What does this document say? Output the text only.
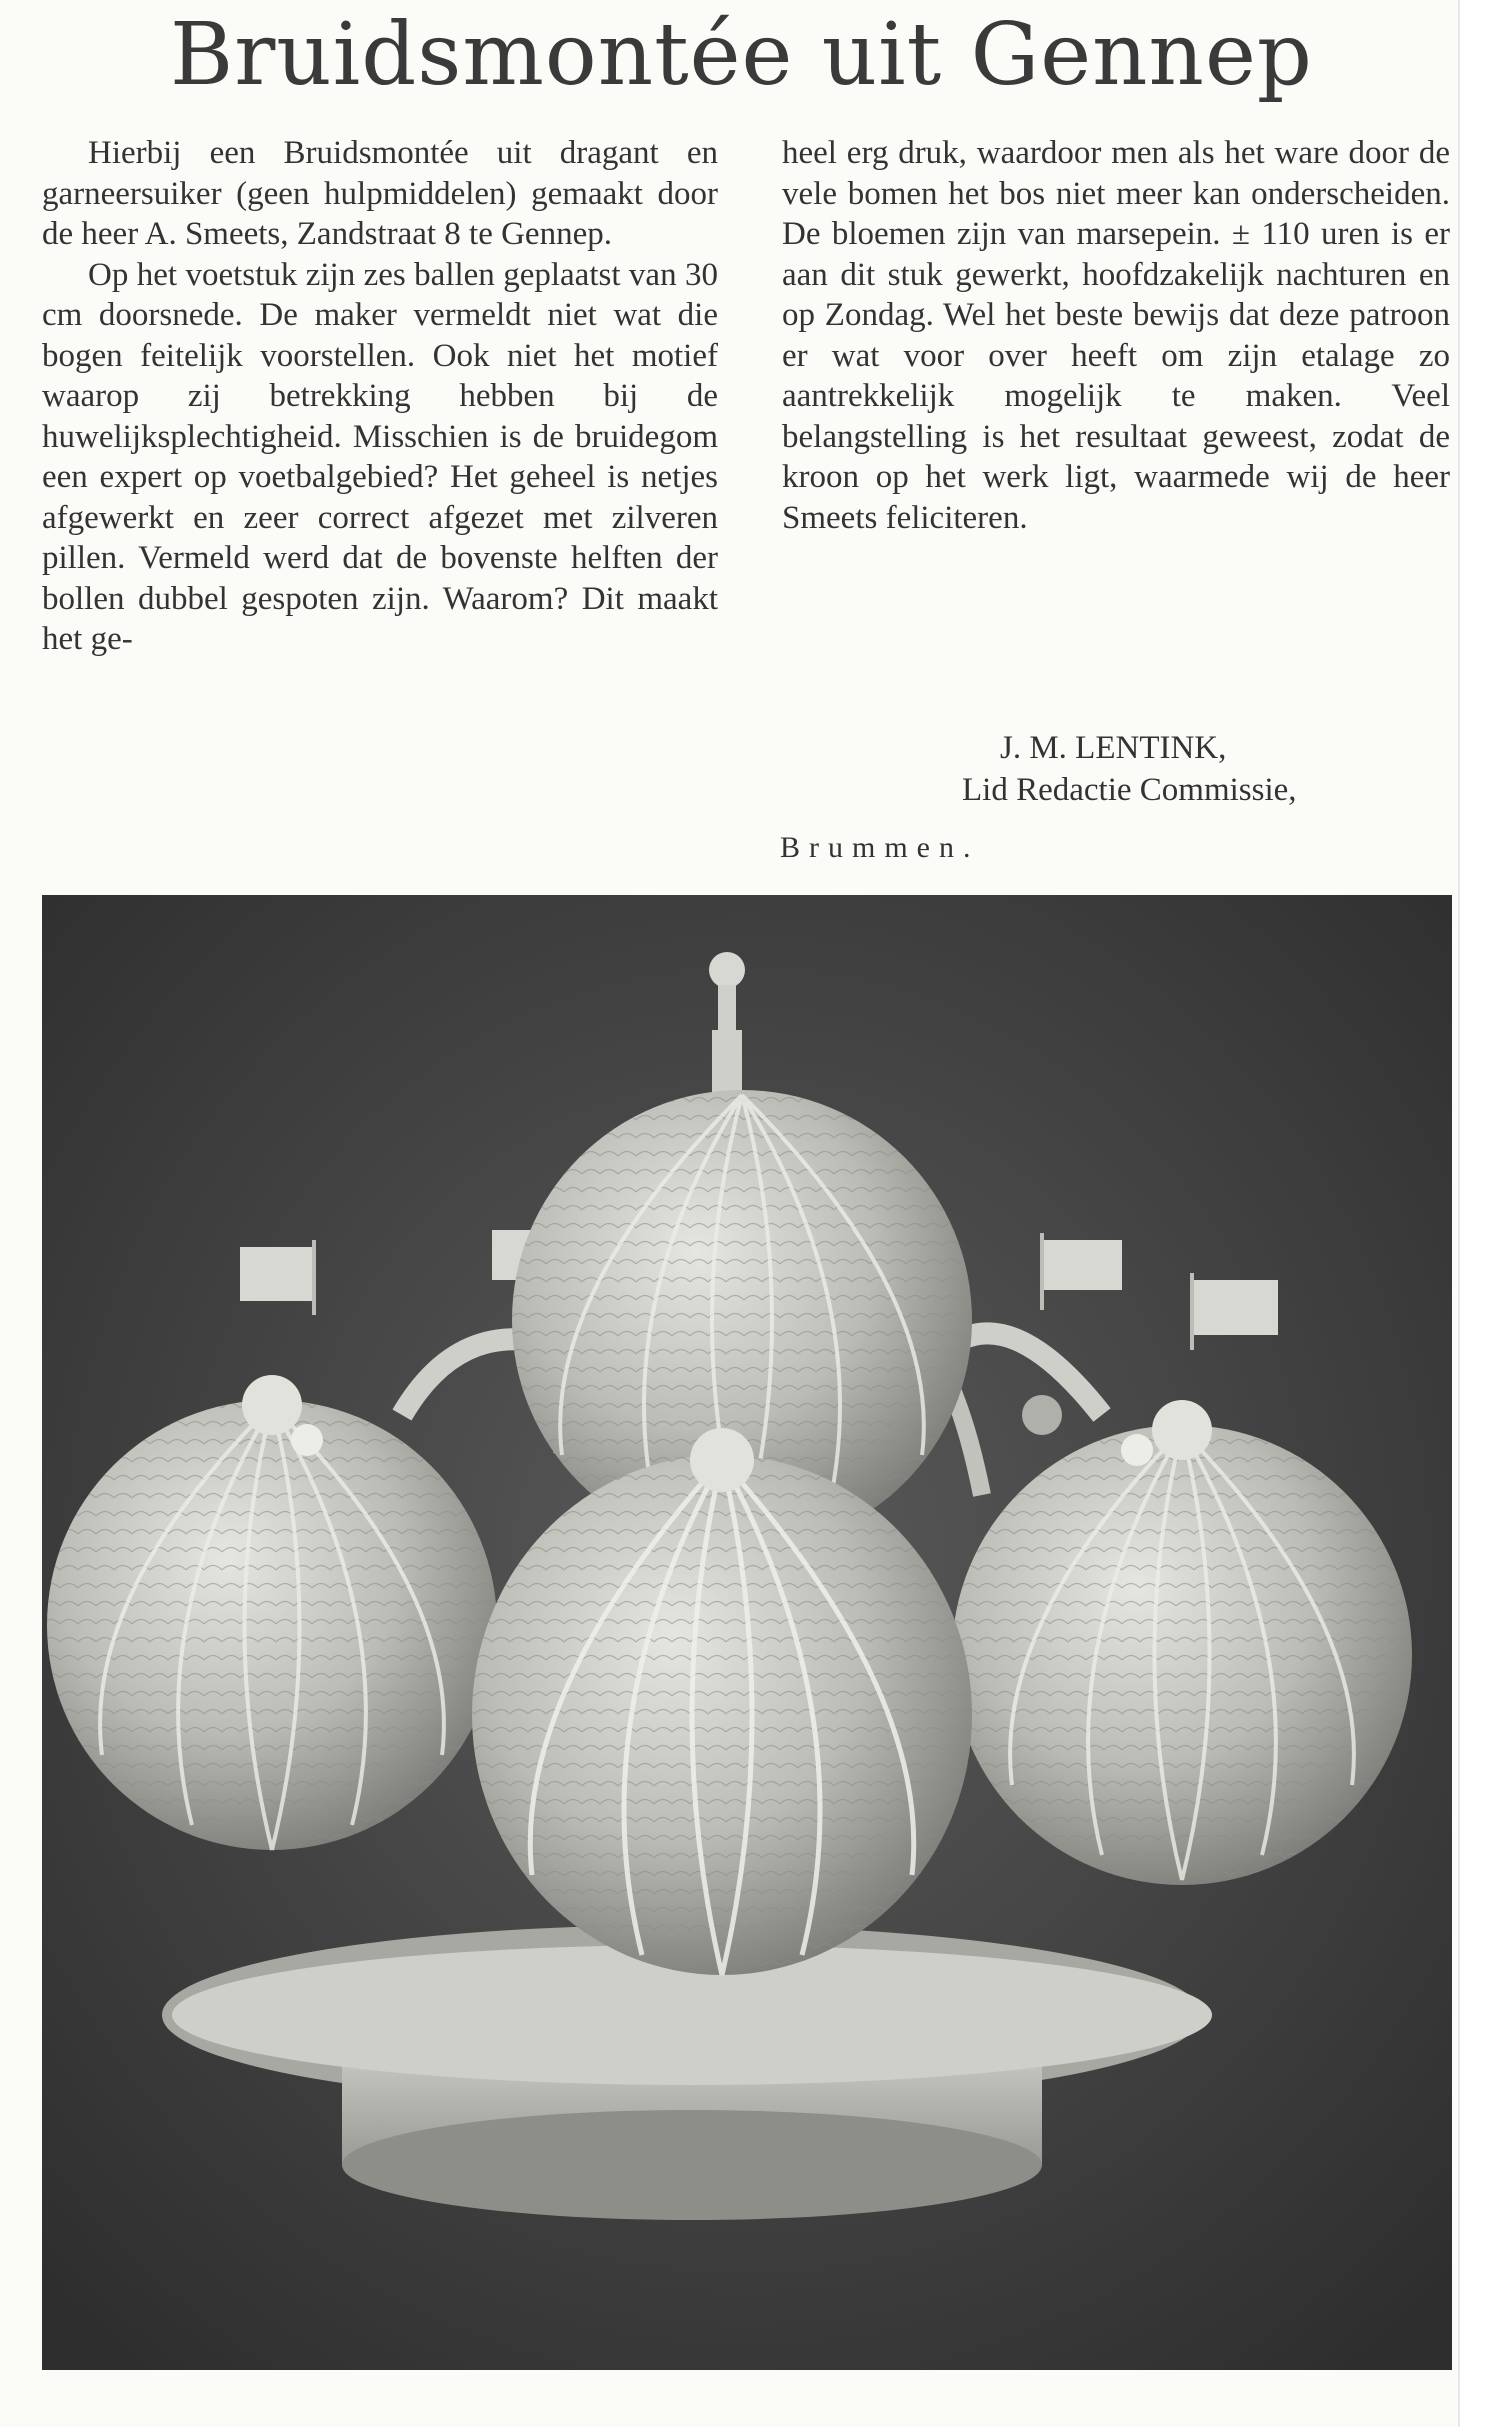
Bruidsmontée uit Gennep

Hierbij een Bruidsmontée uit dragant en garneersuiker (geen hulpmiddelen) gemaakt door de heer A. Smeets, Zandstraat 8 te Gennep.

Op het voetstuk zijn zes ballen geplaatst van 30 cm doorsnede. De maker vermeldt niet wat die bogen feitelijk voorstellen. Ook niet het motief waarop zij betrekking hebben bij de huwelijksplechtigheid. Misschien is de bruidegom een expert op voetbalgebied? Het geheel is netjes afgewerkt en zeer correct afgezet met zilveren pillen. Vermeld werd dat de bovenste helften der bollen dubbel gespoten zijn. Waarom? Dit maakt het ge-

heel erg druk, waardoor men als het ware door de vele bomen het bos niet meer kan onderscheiden. De bloemen zijn van marsepein. ± 110 uren is er aan dit stuk gewerkt, hoofdzakelijk nachturen en op Zondag. Wel het beste bewijs dat deze patroon er wat voor over heeft om zijn etalage zo aantrekkelijk mogelijk te maken. Veel belangstelling is het resultaat geweest, zodat de kroon op het werk ligt, waarmede wij de heer Smeets feliciteren.

J. M. LENTINK,
Lid Redactie Commissie,
Brummen.
